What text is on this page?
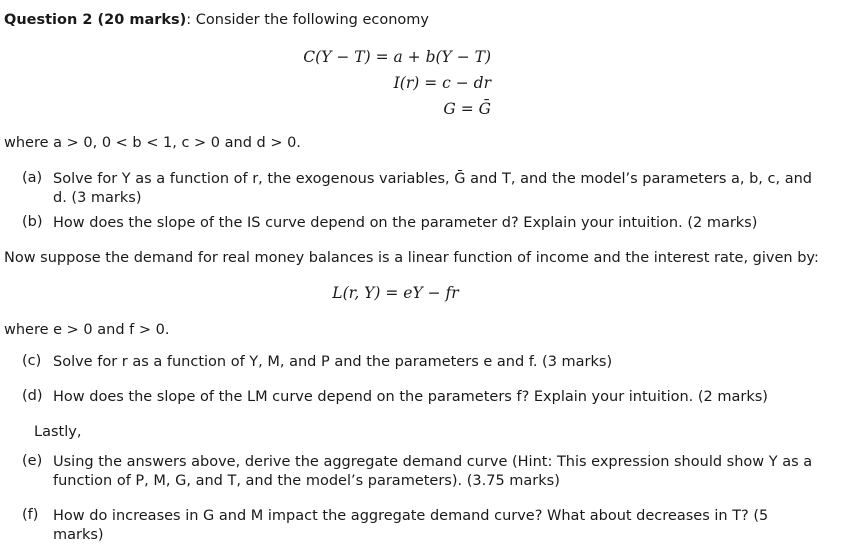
Question 2 (20 marks): Consider the following economy
C(Y − T) = a + b(Y − T)
I(r) = c − dr
G = Ḡ
where a > 0, 0 < b < 1, c > 0 and d > 0.
(a) Solve for Y as a function of r, the exogenous variables, Ḡ and T, and the model’s parameters a, b, c, and
d. (3 marks)
(b) How does the slope of the IS curve depend on the parameter d? Explain your intuition. (2 marks)
Now suppose the demand for real money balances is a linear function of income and the interest rate, given by:
L(r, Y) = eY − fr
where e > 0 and f > 0.
(c) Solve for r as a function of Y, M, and P and the parameters e and f. (3 marks)
(d) How does the slope of the LM curve depend on the parameters f? Explain your intuition. (2 marks)
Lastly,
(e) Using the answers above, derive the aggregate demand curve (Hint: This expression should show Y as a
function of P, M, G, and T, and the model’s parameters). (3.75 marks)
(f) How do increases in G and M impact the aggregate demand curve? What about decreases in T? (5
marks)
